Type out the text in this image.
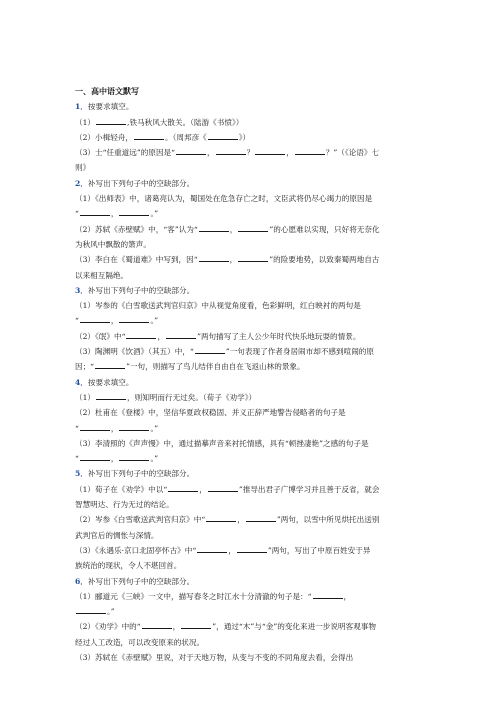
一、高中语文默写
1．按要求填空。
（1）	,铁马秋风大散关。（陆游《书愤》）
（2）小楫轻舟，	。（周邦彦《	》）
（3）士“任重道远”的原因是“	，	？	，	？”（《论语》七
则》
2．补写出下列句子中的空缺部分。
（1）《出师表》中，诸葛亮认为，蜀国处在危急存亡之时，文臣武将仍尽心竭力的原因是
“	，	。”
（2）苏轼《赤壁赋》中，“客”认为“	，	”的心愿难以实现，只好将无奈化
为秋风中飘散的箫声。
（3）李白在《蜀道难》中写到，因“	，	”的险要地势，以致秦蜀两地自古
以来相互隔绝。
3．补写出下列句子中的空缺部分。
（1）岑参的《白雪歌送武判官归京》中从视觉角度看，色彩鲜明，红白映衬的两句是
“	，	。”
（2）《氓》中“	，	”两句描写了主人公少年时代快乐地玩耍的情景。
（3）陶渊明《饮酒》（其五）中，“	”一句表现了作者身居闹市却不感到喧闹的原
因；“	”一句，则描写了鸟儿结伴自由自在飞返山林的景象。
4．按要求填空。
（1）	，则知明而行无过矣。（荀子《劝学》）
（2）杜甫在《登楼》中，坚信华夏政权稳固、并义正辞严地警告侵略者的句子是
“	，	。”
（3）李清照的《声声慢》中，通过描摹声音来衬托情感，具有“顿挫凄艳”之感的句子是
“	，	。”
5．补写出下列句子中的空缺部分。
（1）荀子在《劝学》中以“	，	”推导出君子广博学习并且善于反省，就会
智慧明达、行为无过的结论。
（2）岑参《白雪歌送武判官归京》中“	，	”两句，以雪中所见烘托出送别
武判官后的惆怅与深情。
（3）《永遇乐·京口北固亭怀古》中“	，	”两句，写出了中原百姓安于异
族统治的现状，令人不堪回首。
6．补写出下列句子中的空缺部分。
（1）郦道元《三峡》一文中，描写春冬之时江水十分清澈的句子是：“	，
。”
（2）《劝学》中的“	，	”，通过“木”与“金”的变化来进一步说明客观事物
经过人工改造，可以改变原来的状况。
（3）苏轼在《赤壁赋》里说，对于天地万物，从变与不变的不同角度去看，会得出
